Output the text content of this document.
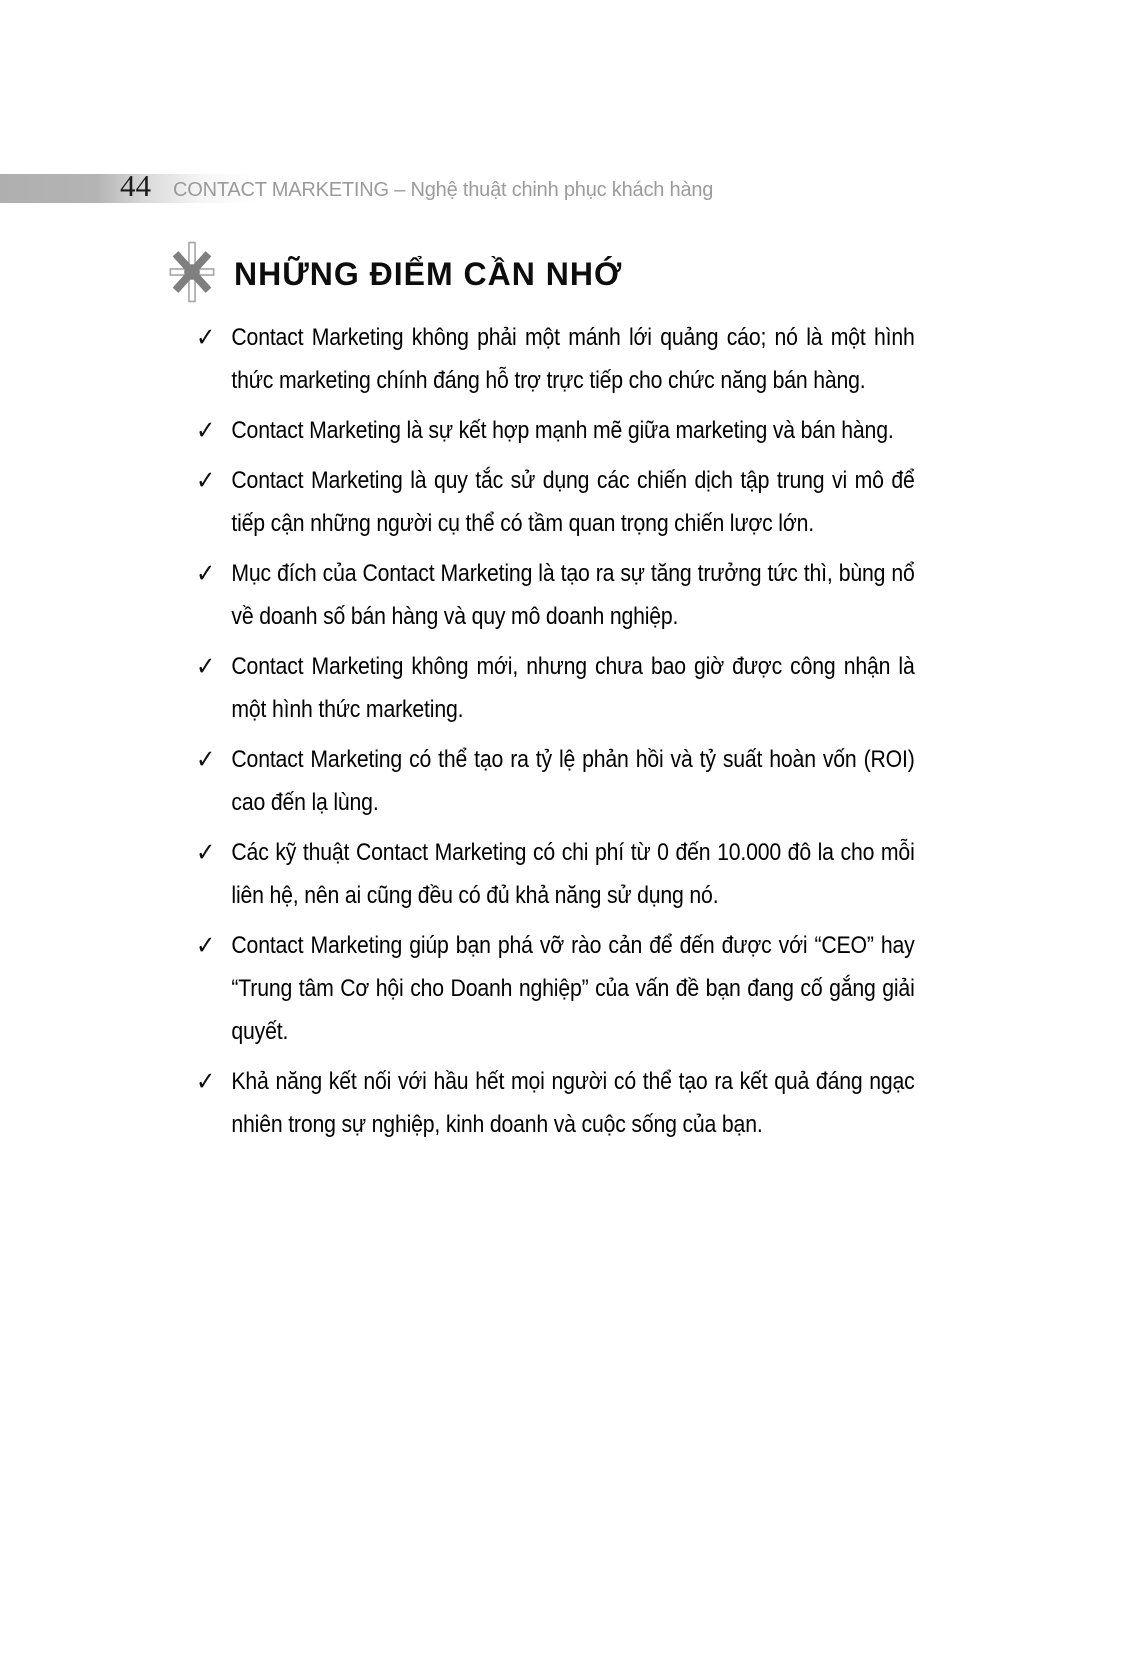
44 CONTACT MARKETING – Nghệ thuật chinh phục khách hàng
NHỮNG ĐIỂM CẦN NHỚ
✓ Contact Marketing không phải một mánh lới quảng cáo; nó là một hình thức marketing chính đáng hỗ trợ trực tiếp cho chức năng bán hàng.
✓ Contact Marketing là sự kết hợp mạnh mẽ giữa marketing và bán hàng.
✓ Contact Marketing là quy tắc sử dụng các chiến dịch tập trung vi mô để tiếp cận những người cụ thể có tầm quan trọng chiến lược lớn.
✓ Mục đích của Contact Marketing là tạo ra sự tăng trưởng tức thì, bùng nổ về doanh số bán hàng và quy mô doanh nghiệp.
✓ Contact Marketing không mới, nhưng chưa bao giờ được công nhận là một hình thức marketing.
✓ Contact Marketing có thể tạo ra tỷ lệ phản hồi và tỷ suất hoàn vốn (ROI) cao đến lạ lùng.
✓ Các kỹ thuật Contact Marketing có chi phí từ 0 đến 10.000 đô la cho mỗi liên hệ, nên ai cũng đều có đủ khả năng sử dụng nó.
✓ Contact Marketing giúp bạn phá vỡ rào cản để đến được với “CEO” hay “Trung tâm Cơ hội cho Doanh nghiệp” của vấn đề bạn đang cố gắng giải quyết.
✓ Khả năng kết nối với hầu hết mọi người có thể tạo ra kết quả đáng ngạc nhiên trong sự nghiệp, kinh doanh và cuộc sống của bạn.
